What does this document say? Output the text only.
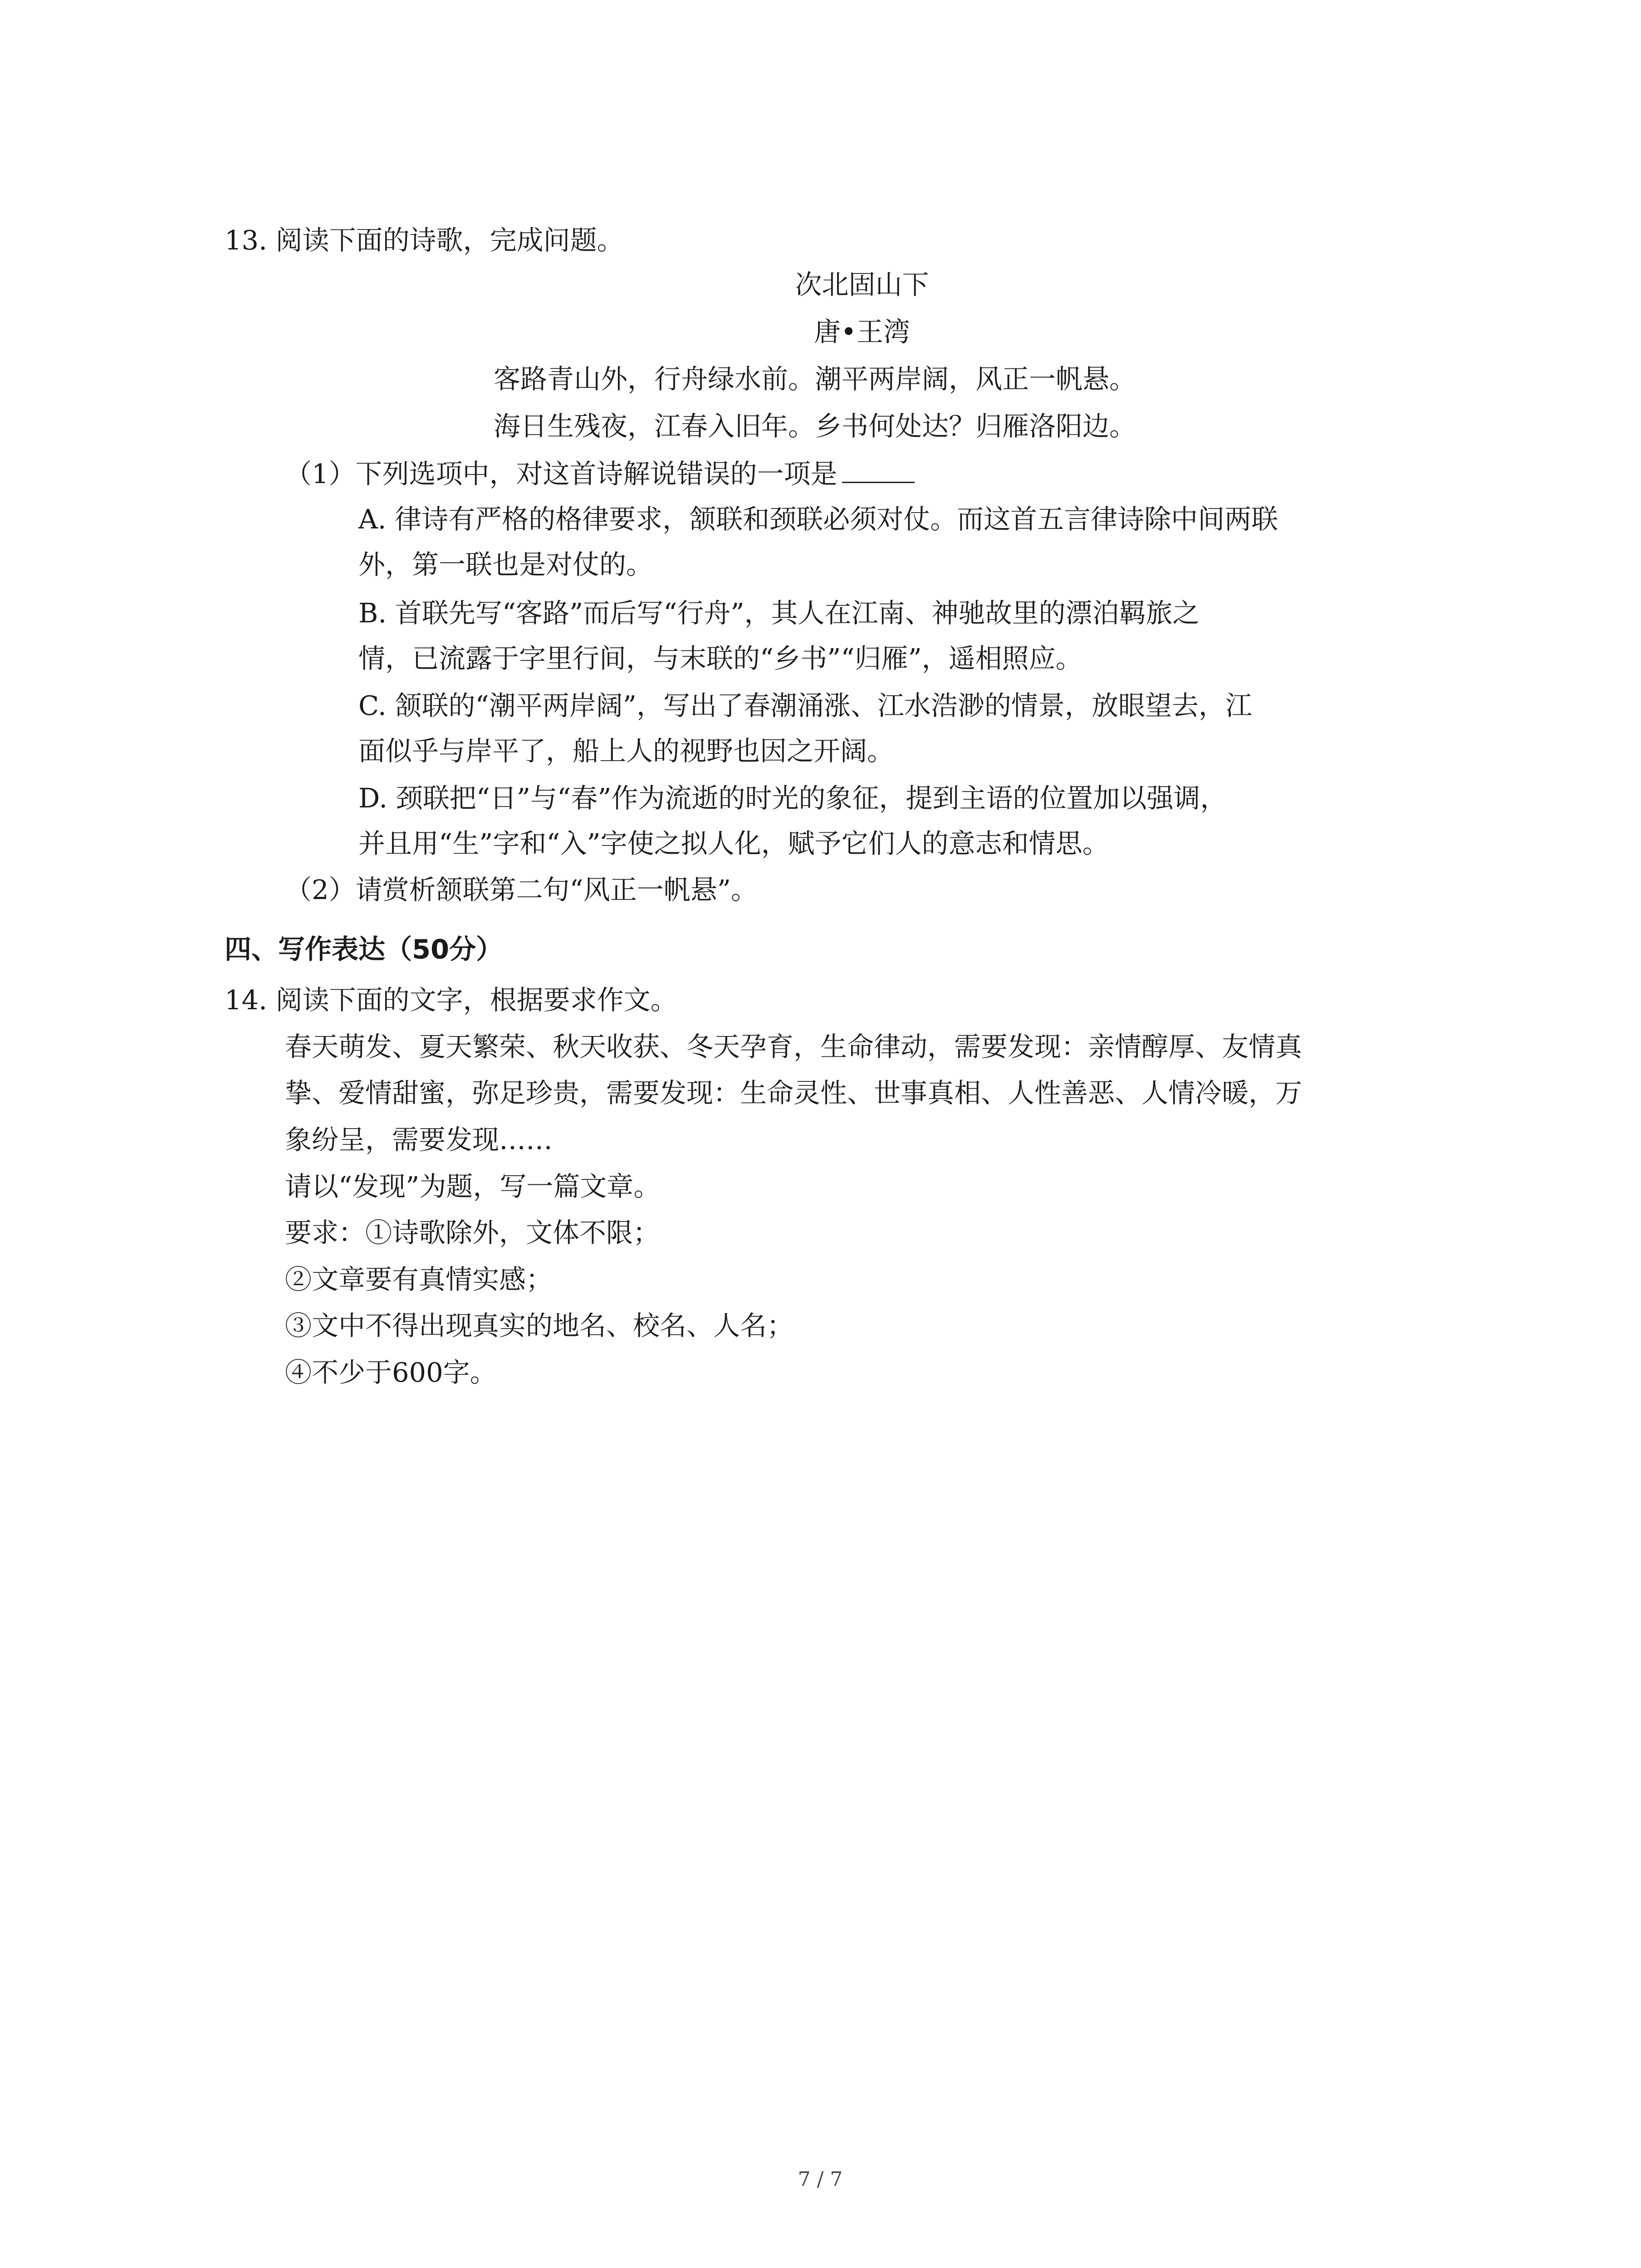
13. 阅读下面的诗歌，完成问题。
次北固山下
唐•王湾
客路青山外，行舟绿水前。潮平两岸阔，风正一帆悬。
海日生残夜，江春入旧年。乡书何处达？归雁洛阳边。
（1）下列选项中，对这首诗解说错误的一项是
A. 律诗有严格的格律要求，颔联和颈联必须对仗。而这首五言律诗除中间两联
外，第一联也是对仗的。
B. 首联先写“客路”而后写“行舟”，其人在江南、神驰故里的漂泊羁旅之
情，已流露于字里行间，与末联的“乡书”“归雁”，遥相照应。
C. 颔联的“潮平两岸阔”，写出了春潮涌涨、江水浩渺的情景，放眼望去，江
面似乎与岸平了，船上人的视野也因之开阔。
D. 颈联把“日”与“春”作为流逝的时光的象征，提到主语的位置加以强调，
并且用“生”字和“入”字使之拟人化，赋予它们人的意志和情思。
（2）请赏析颔联第二句“风正一帆悬”。
四、写作表达（50分）
14. 阅读下面的文字，根据要求作文。
春天萌发、夏天繁荣、秋天收获、冬天孕育，生命律动，需要发现：亲情醇厚、友情真
挚、爱情甜蜜，弥足珍贵，需要发现：生命灵性、世事真相、人性善恶、人情冷暖，万
象纷呈，需要发现……
请以“发现”为题，写一篇文章。
要求：①诗歌除外，文体不限；
②文章要有真情实感；
③文中不得出现真实的地名、校名、人名；
④不少于600字。
7 / 7
